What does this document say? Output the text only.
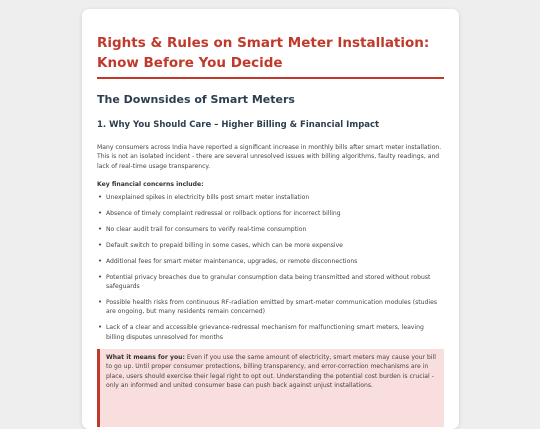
Rights & Rules on Smart Meter Installation: Know Before You Decide
The Downsides of Smart Meters
1. Why You Should Care – Higher Billing & Financial Impact

Many consumers across India have reported a significant increase in monthly bills after smart meter installation. This is not an isolated incident - there are several unresolved issues with billing algorithms, faulty readings, and lack of real-time usage transparency.

Key financial concerns include:

• Unexplained spikes in electricity bills post smart meter installation
• Absence of timely complaint redressal or rollback options for incorrect billing
• No clear audit trail for consumers to verify real-time consumption
• Default switch to prepaid billing in some cases, which can be more expensive
• Additional fees for smart meter maintenance, upgrades, or remote disconnections
• Potential privacy breaches due to granular consumption data being transmitted and stored without robust safeguards
• Possible health risks from continuous RF-radiation emitted by smart-meter communication modules (studies are ongoing, but many residents remain concerned)
• Lack of a clear and accessible grievance-redressal mechanism for malfunctioning smart meters, leaving billing disputes unresolved for months
What it means for you: Even if you use the same amount of electricity, smart meters may cause your bill to go up. Until proper consumer protections, billing transparency, and error-correction mechanisms are in place, users should exercise their legal right to opt out. Understanding the potential cost burden is crucial - only an informed and united consumer base can push back against unjust installations.
